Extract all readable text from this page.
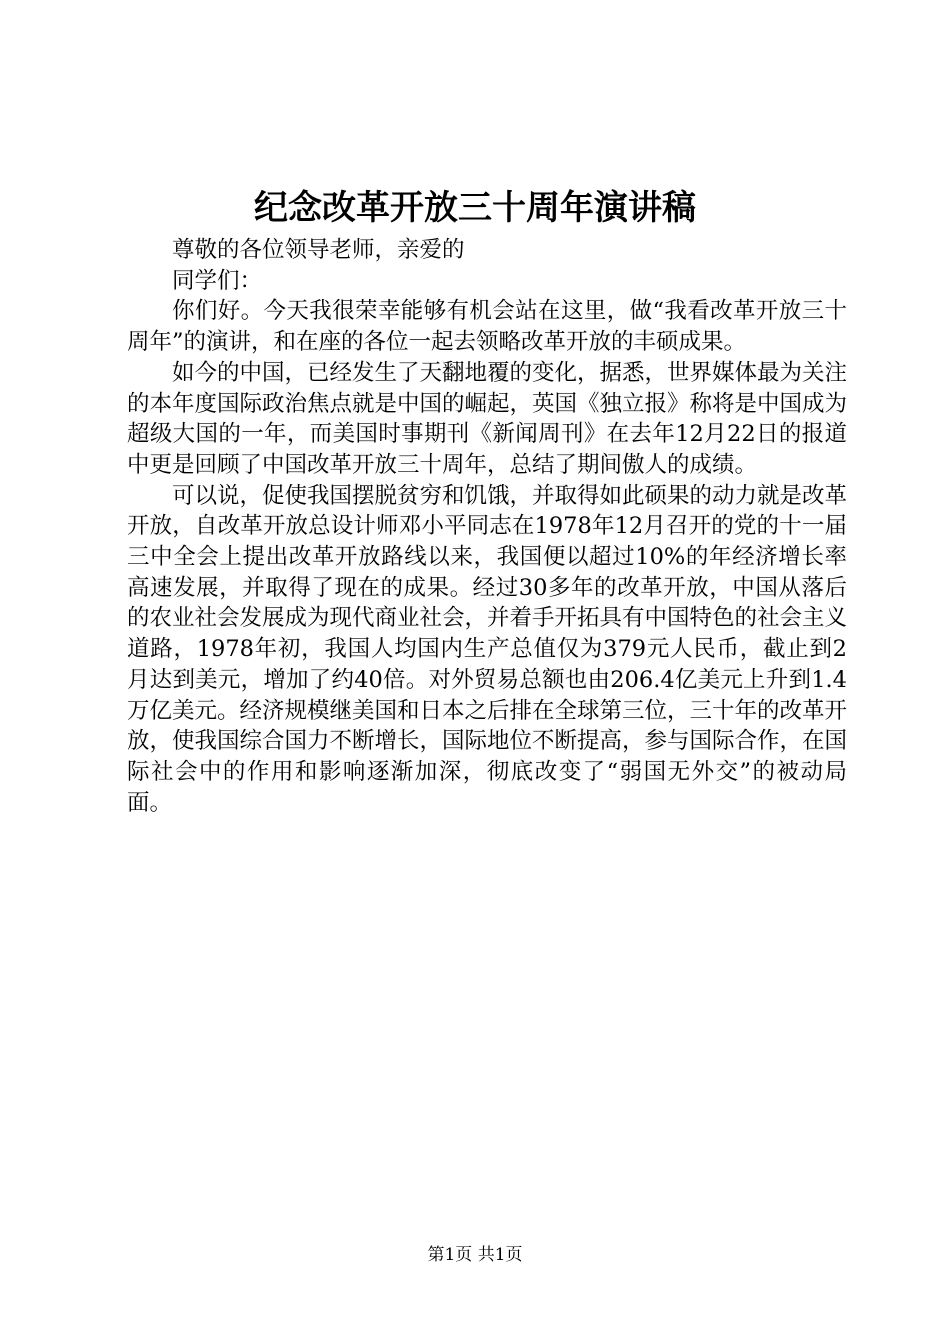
纪念改革开放三十周年演讲稿

尊敬的各位领导老师，亲爱的

同学们：

你们好。今天我很荣幸能够有机会站在这里，做“我看改革开放三十周年”的演讲，和在座的各位一起去领略改革开放的丰硕成果。

如今的中国，已经发生了天翻地覆的变化，据悉，世界媒体最为关注的本年度国际政治焦点就是中国的崛起，英国《独立报》称将是中国成为超级大国的一年，而美国时事期刊《新闻周刊》在去年12月22日的报道中更是回顾了中国改革开放三十周年，总结了期间傲人的成绩。

可以说，促使我国摆脱贫穷和饥饿，并取得如此硕果的动力就是改革开放，自改革开放总设计师邓小平同志在1978年12月召开的党的十一届三中全会上提出改革开放路线以来，我国便以超过10%的年经济增长率高速发展，并取得了现在的成果。经过30多年的改革开放，中国从落后的农业社会发展成为现代商业社会，并着手开拓具有中国特色的社会主义道路，1978年初，我国人均国内生产总值仅为379元人民币，截止到2月达到美元，增加了约40倍。对外贸易总额也由206.4亿美元上升到1.4万亿美元。经济规模继美国和日本之后排在全球第三位，三十年的改革开放，使我国综合国力不断增长，国际地位不断提高，参与国际合作，在国际社会中的作用和影响逐渐加深，彻底改变了“弱国无外交”的被动局面。

第1页 共1页
